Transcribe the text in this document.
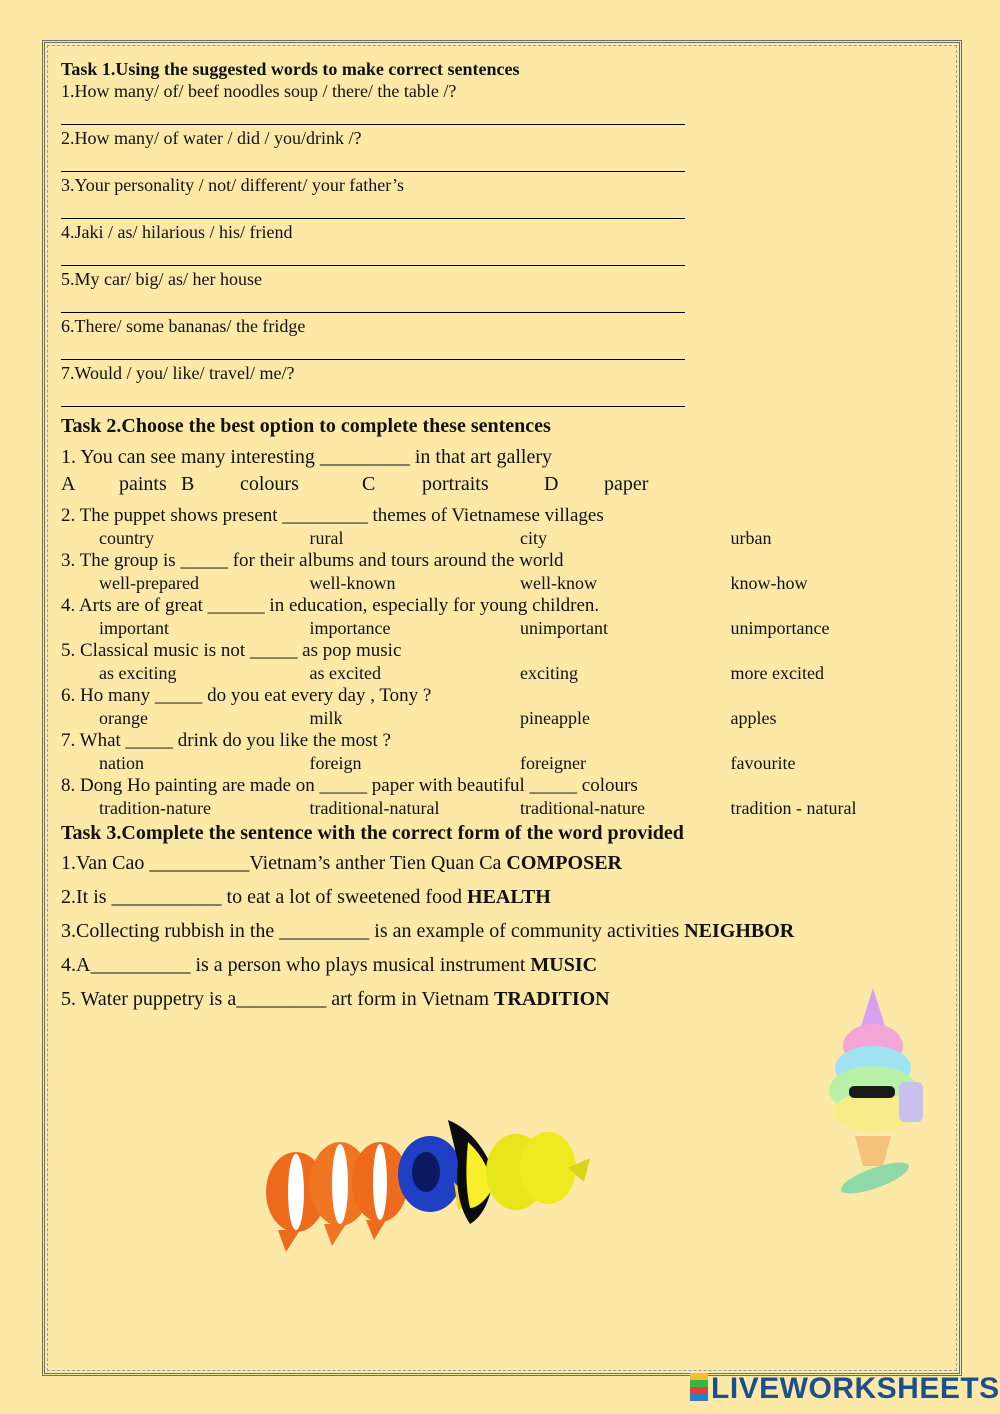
Task 1.Using the suggested words to make correct sentences
1.How many/ of/ beef noodles soup / there/ the table /?
2.How many/ of water / did / you/drink /?
3.Your personality / not/ different/ your father’s
4.Jaki / as/ hilarious / his/ friend
5.My car/ big/ as/ her house
6.There/ some bananas/ the fridge
7.Would / you/ like/ travel/ me/?
Task 2.Choose the best option to complete these sentences
1. You can see many interesting _________ in that art gallery
A	paints B	colours	C	portraits	D	paper
2. The puppet shows present _________ themes of Vietnamese villages
country	rural	city	urban
3. The group is _____ for their albums and tours around the world
well-prepared	well-known	well-know	know-how
4. Arts are of great ______ in education, especially for young children.
important	importance	unimportant	unimportance
5. Classical music is not _____ as pop music
as exciting	as excited	exciting	more excited
6. Ho many _____ do you eat every day , Tony ?
orange	milk	pineapple	apples
7. What _____ drink do you like the most ?
nation	foreign	foreigner	favourite
8. Dong Ho painting are made on _____ paper with beautiful _____ colours
tradition-nature	traditional-natural	traditional-nature	tradition - natural
Task 3.Complete the sentence with the correct form of the word provided
1.Van Cao __________Vietnam’s anther Tien Quan Ca COMPOSER
2.It is ___________ to eat a lot of sweetened food HEALTH
3.Collecting rubbish in the _________ is an example of community activities NEIGHBOR
4.A__________ is a person who plays musical instrument MUSIC
5. Water puppetry is a_________ art form in Vietnam TRADITION
LIVEWORKSHEETS
